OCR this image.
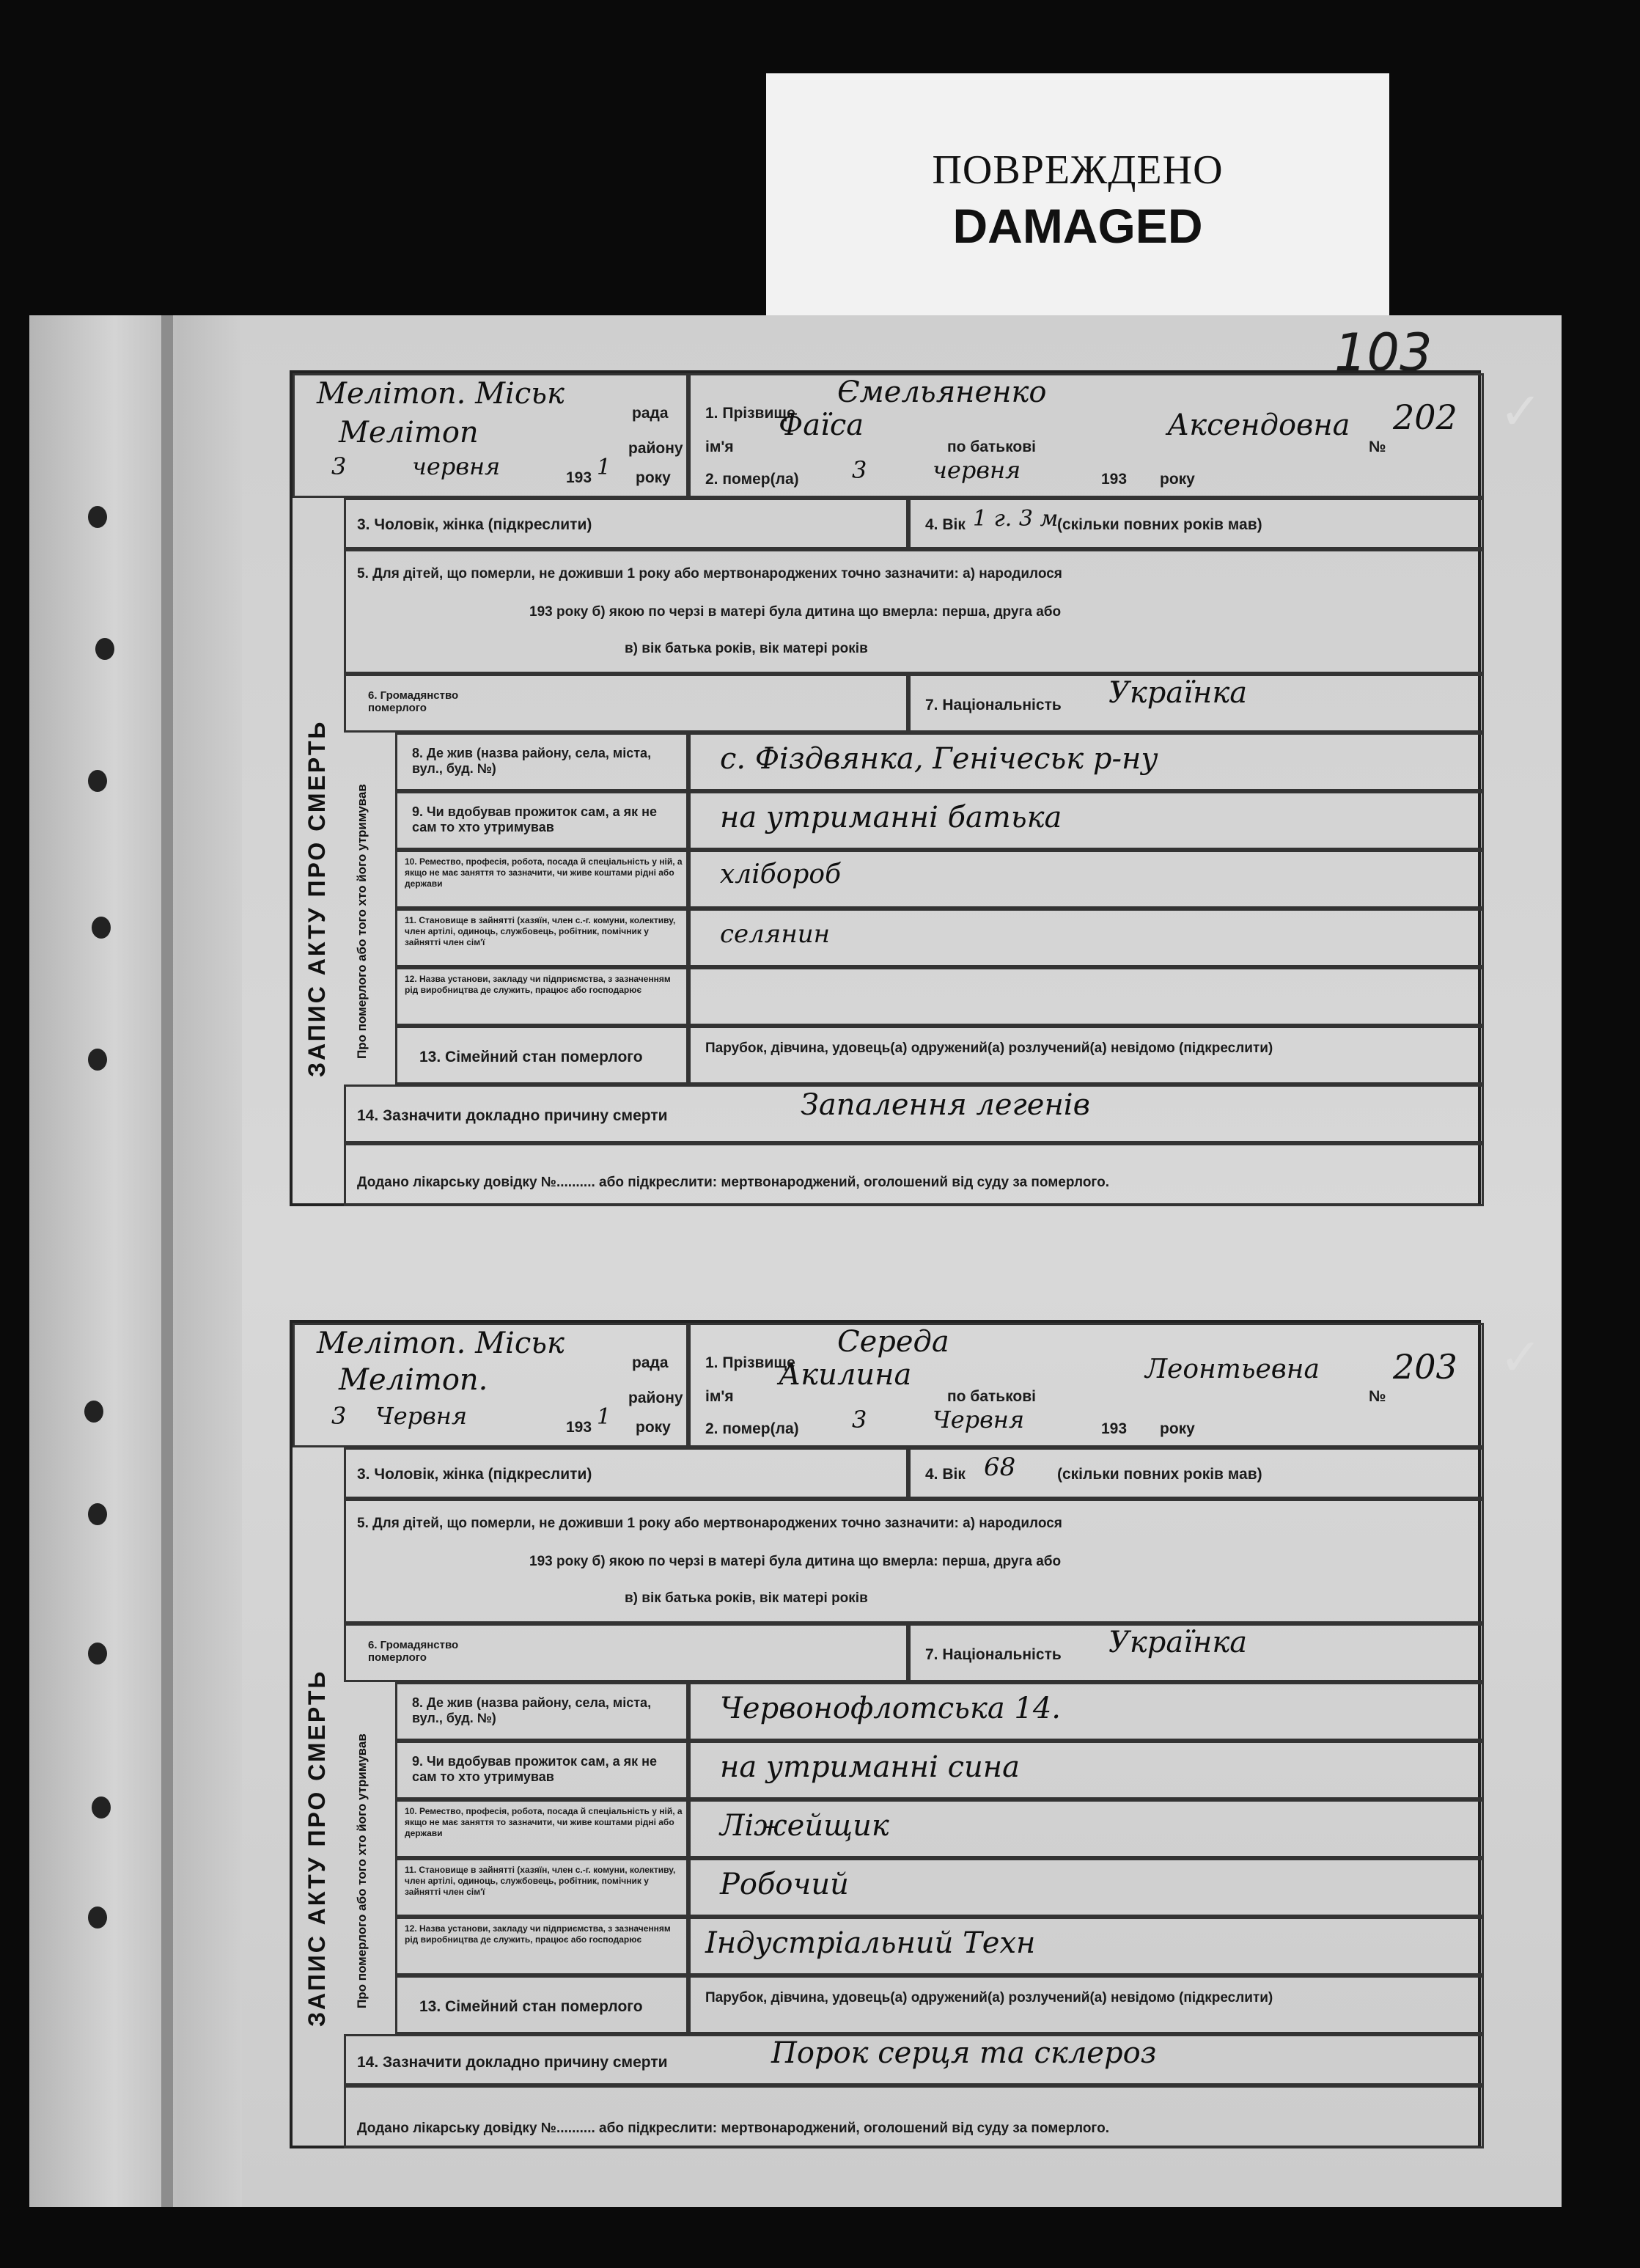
ПОВРЕЖДЕНО
DAMAGED
103
✓
✓
Мелітоп. Міськ
рада
Мелітоп	району
3	червня	193 1 року
1. Прізвище
Ємельяненко
ім'я
Фаїса
по батькові
Аксендовна
№
202
2. помер(ла) 3	червня	193 року
ЗАПИС АКТУ ПРО СМЕРТЬ
3. Чоловік, жінка (підкреслити)	4. Вік 1 г. 3 м
(скільки повних років мав)
5. Для дітей, що померли, не доживши 1 року або мертвонароджених точно зазначити: а) народилося
193 року б) якою по черзі в матері була дитина що вмерла: перша, друга або
в) вік батька років, вік матері років
6. Громадянство померлого	7. Національність Українка
Про померлого або того хто його утримував
8. Де жив (назва району, села, міста, вул., буд. №)	с. Фіздвянка, Генічеськ р-ну
9. Чи вдобував прожиток сам, а як не сам то хто утримував	на утриманні батька
10. Ремество, професія, робота, посада й спеціальність у ній, а якщо не має заняття то зазначити, чи живе коштами рідні або держави	хлібороб
11. Становище в зайнятті (хазяїн, член с.-г. комуни, колективу, член артілі, одиноць, службовець, робітник, помічник у зайнятті член сім'ї	селянин
12. Назва установи, закладу чи підприємства, з зазначенням рід виробництва де служить, працює або господарює
13. Сімейний стан померлого
Парубок, дівчина, удовець(а) одружений(а) розлучений(а) невідомо (підкреслити)
14. Зазначити докладно причину смерти	Запалення легенів
Додано лікарську довідку №.......... або підкреслити: мертвонароджений, оголошений від суду за померлого.
Мелітоп. Міськ
рада
Мелітоп.
району
3 Червня	193 1 року
1. Прізвище
Середа
ім'я
Акилина
по батькові
Леонтьевна
№
203
2. помер(ла) 3	Червня	193 року
ЗАПИС АКТУ ПРО СМЕРТЬ
3. Чоловік, жінка (підкреслити)	4. Вік 68	(скільки повних років мав)
5. Для дітей, що померли, не доживши 1 року або мертвонароджених точно зазначити: а) народилося
193 року б) якою по черзі в матері була дитина що вмерла: перша, друга або
в) вік батька років, вік матері років
6. Громадянство померлого	7. Національність Українка
Про померлого або того хто його утримував
8. Де жив (назва району, села, міста, вул., буд. №)	Червонофлотська 14.
9. Чи вдобував прожиток сам, а як не сам то хто утримував	на утриманні сина
10. Ремество, професія, робота, посада й спеціальність у ній, а якщо не має заняття то зазначити, чи живе коштами рідні або держави	Ліжейщик
11. Становище в зайнятті (хазяїн, член с.-г. комуни, колективу, член артілі, одиноць, службовець, робітник, помічник у зайнятті член сім'ї	Робочий
12. Назва установи, закладу чи підприємства, з зазначенням рід виробництва де служить, працює або господарює	Індустріальний Техн
13. Сімейний стан померлого
Парубок, дівчина, удовець(а) одружений(а) розлучений(а) невідомо (підкреслити)
14. Зазначити докладно причину смерти	Порок серця та склероз
Додано лікарську довідку №.......... або підкреслити: мертвонароджений, оголошений від суду за померлого.
